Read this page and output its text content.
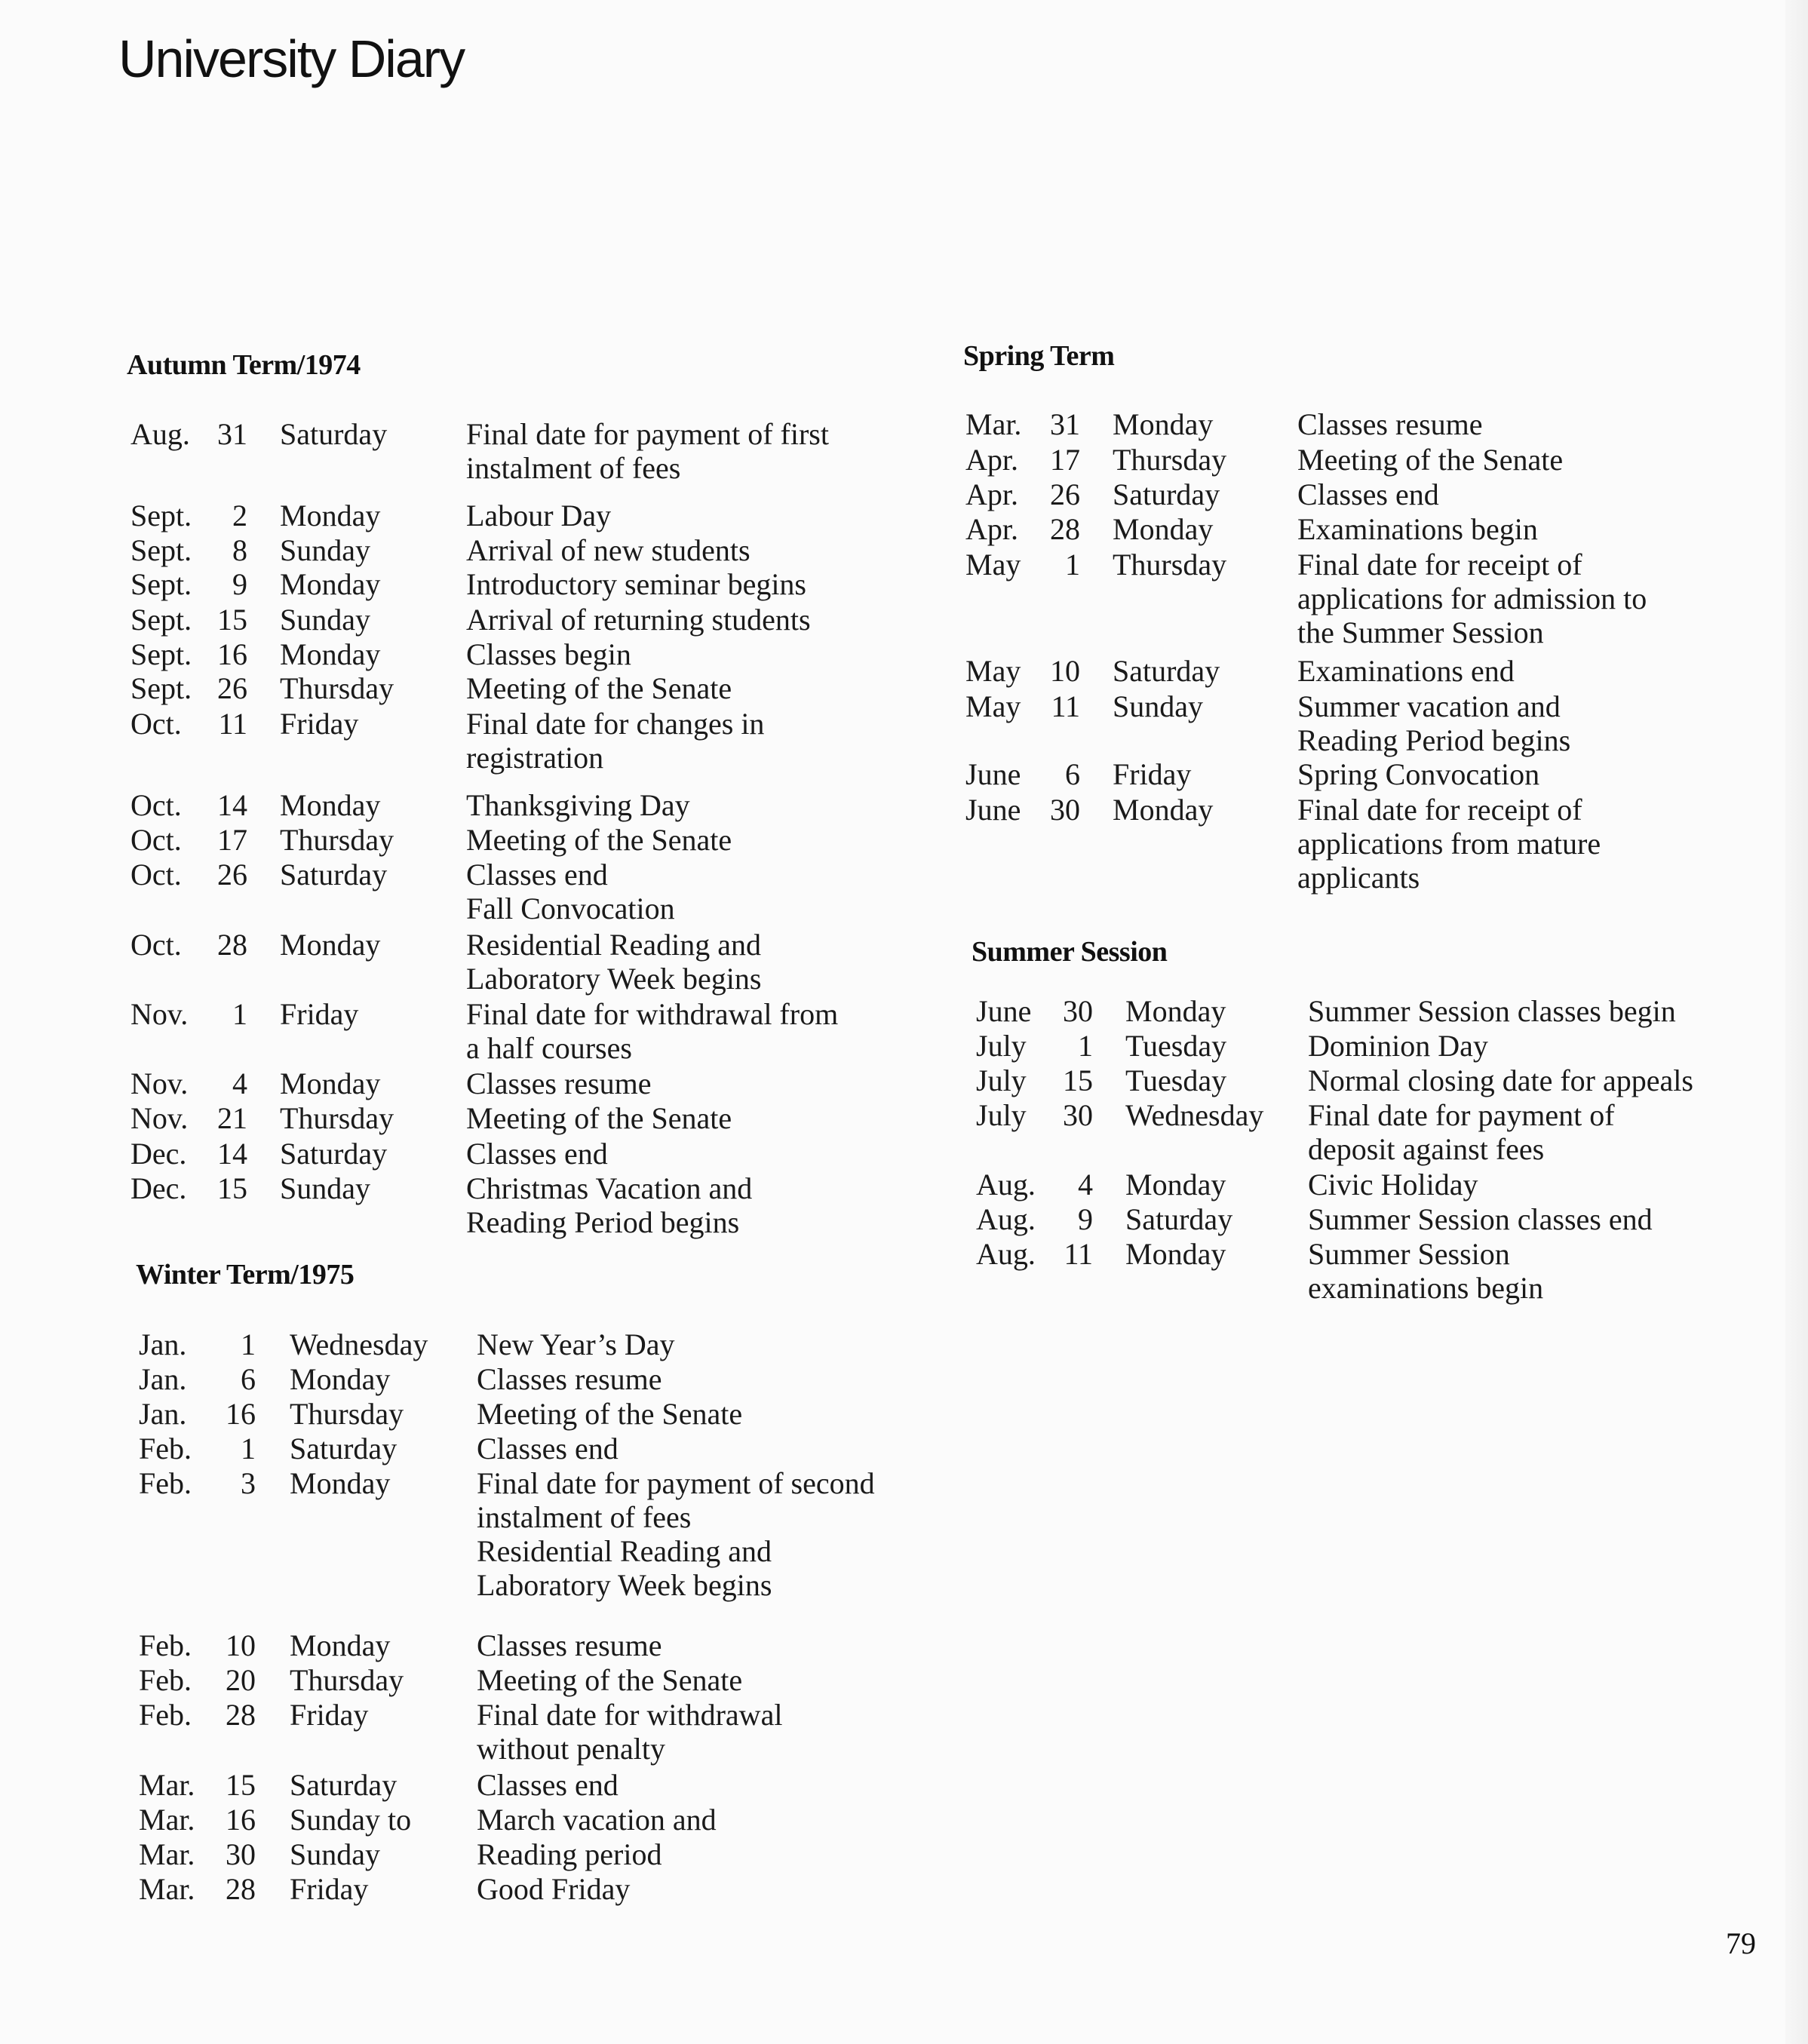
University Diary
Autumn Term/1974
Aug. 31 Saturday	Final date for payment of first
instalment of fees
Sept.	2 Monday	Labour Day
Sept.	8 Sunday	Arrival of new students
Sept.	9 Monday	Introductory seminar begins
Sept. 15 Sunday	Arrival of returning students
Sept. 16 Monday	Classes begin
Sept. 26 Thursday Meeting of the Senate
Oct.	11 Friday	Final date for changes in
registration
Oct.	14 Monday	Thanksgiving Day
Oct.	17 Thursday Meeting of the Senate
Oct.	26 Saturday	Classes end
Fall Convocation
Oct.	28 Monday	Residential Reading and
Laboratory Week begins
Nov.	1 Friday	Final date for withdrawal from
a half courses
Nov.	4 Monday	Classes resume
Nov. 21 Thursday Meeting of the Senate
Dec.	14 Saturday	Classes end
Dec.	15 Sunday	Christmas Vacation and
Reading Period begins
Winter Term/1975
Jan.	1 Wednesday New Year’s Day
Jan.	6 Monday	Classes resume
Jan.	16 Thursday Meeting of the Senate
Feb.	1 Saturday	Classes end
Feb.	3 Monday	Final date for payment of second
instalment of fees
Residential Reading and
Laboratory Week begins
Feb.	10 Monday	Classes resume
Feb.	20 Thursday Meeting of the Senate
Feb.	28 Friday	Final date for withdrawal
without penalty
Mar.	15 Saturday	Classes end
Mar.	16 Sunday to March vacation and
Mar.	30 Sunday	Reading period
Mar.	28 Friday	Good Friday
Spring Term
Mar. 31 Monday	Classes resume
Apr.	17 Thursday Meeting of the Senate
Apr.	26 Saturday	Classes end
Apr.	28 Monday	Examinations begin
May	1 Thursday Final date for receipt of
applications for admission to
the Summer Session
May 10 Saturday	Examinations end
May	11 Sunday	Summer vacation and
Reading Period begins
June	6 Friday	Spring Convocation
June 30 Monday	Final date for receipt of
applications from mature
applicants
Summer Session
June	30 Monday	Summer Session classes begin
July	1 Tuesday	Dominion Day
July	15 Tuesday	Normal closing date for appeals
July	30 Wednesday Final date for payment of
deposit against fees
Aug.	4 Monday	Civic Holiday
Aug.	9 Saturday Summer Session classes end
Aug. 11 Monday	Summer Session
examinations begin
79
